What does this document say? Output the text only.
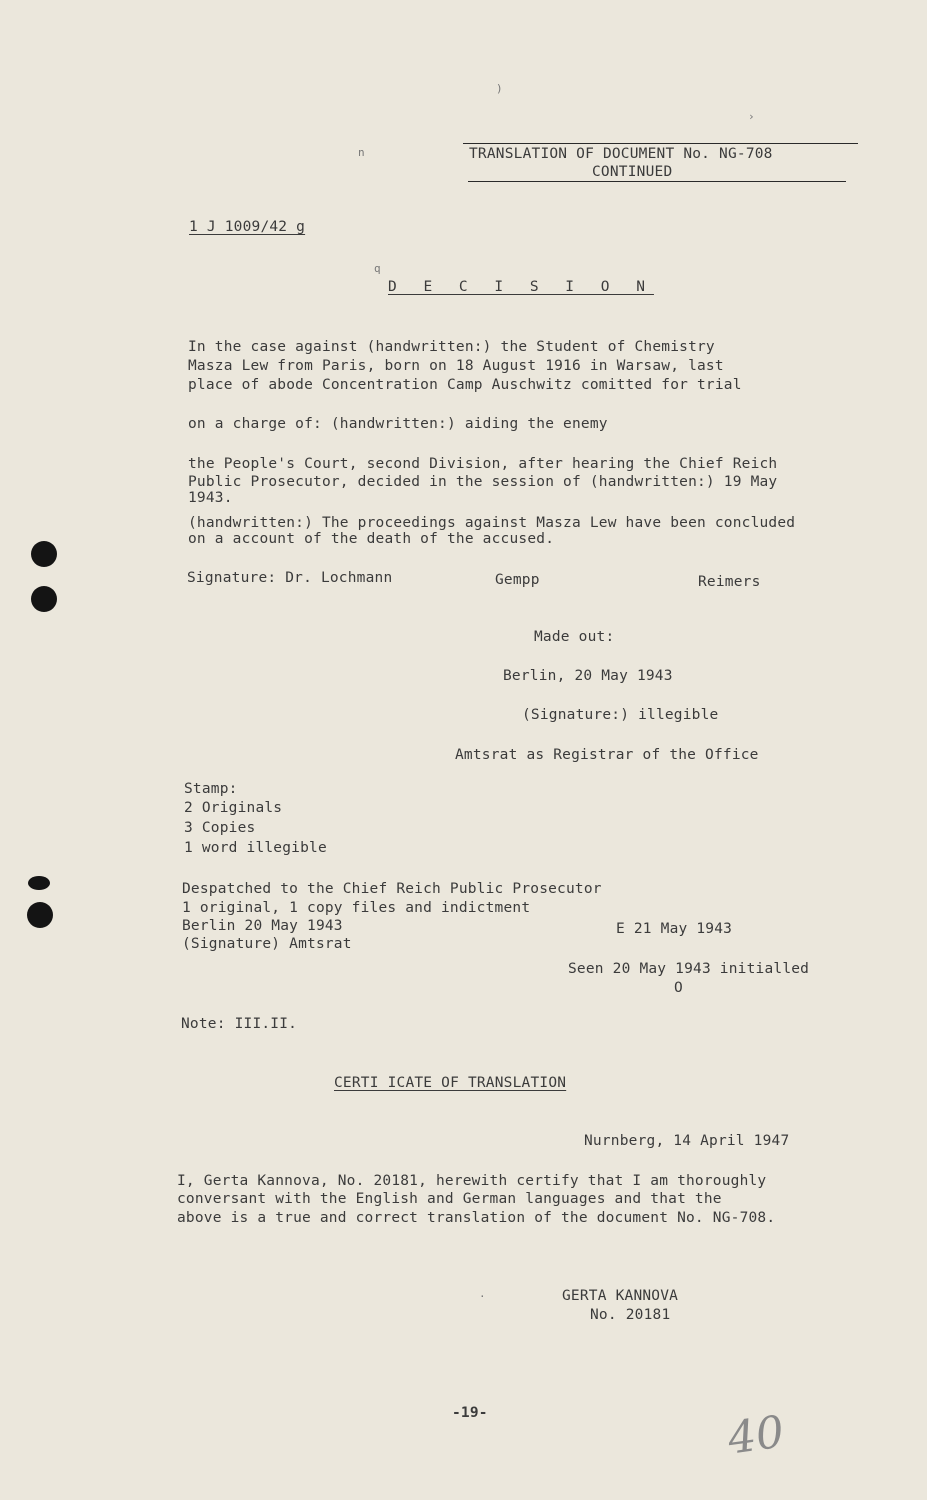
)
›
n	TRANSLATION OF DOCUMENT No. NG-708
CONTINUED
1 J 1009/42 g
q
D E C I S I O N
In the case against (handwritten:) the Student of Chemistry
Masza Lew from Paris, born on 18 August 1916 in Warsaw, last
place of abode Concentration Camp Auschwitz comitted for trial
on a charge of: (handwritten:) aiding the enemy
the People's Court, second Division, after hearing the Chief Reich
Public Prosecutor, decided in the session of (handwritten:) 19 May
1943.
(handwritten:) The proceedings against Masza Lew have been concluded
on a account of the death of the accused.
Signature: Dr. Lochmann	Gempp	Reimers
Made out:
Berlin, 20 May 1943
(Signature:) illegible
Amtsrat as Registrar of the Office
Stamp:
2 Originals
3 Copies
1 word illegible
Despatched to the Chief Reich Public Prosecutor
1 original, 1 copy files and indictment
Berlin 20 May 1943
(Signature) Amtsrat
E 21 May 1943
Seen 20 May 1943 initialled
O
Note: III.II.
CERTI ICATE OF TRANSLATION
Nurnberg, 14 April 1947
I, Gerta Kannova, No. 20181, herewith certify that I am thoroughly
conversant with the English and German languages and that the
above is a true and correct translation of the document No. NG-708.
·	GERTA KANNOVA
No. 20181
-19-	40
